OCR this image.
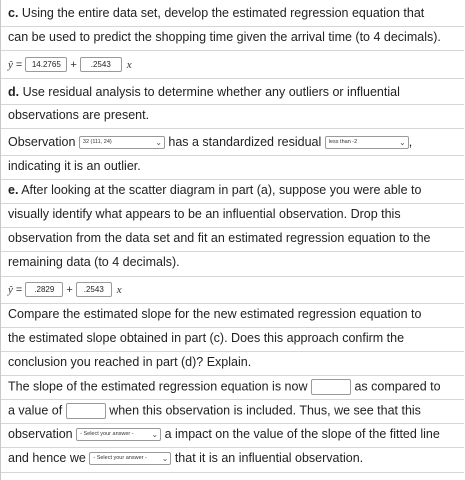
c. Using the entire data set, develop the estimated regression equation that
can be used to predict the shopping time given the arrival time (to 4 decimals).
ŷ = 14.2765 + .2543 x
d. Use residual analysis to determine whether any outliers or influential
observations are present.
Observation 32 (111, 24)	⌄ has a standardized residual less than -2	⌄ ,
indicating it is an outlier.
e. After looking at the scatter diagram in part (a), suppose you were able to
visually identify what appears to be an influential observation. Drop this
observation from the data set and fit an estimated regression equation to the
remaining data (to 4 decimals).
ŷ = .2829 + .2543 x
Compare the estimated slope for the new estimated regression equation to
the estimated slope obtained in part (c). Does this approach confirm the
conclusion you reached in part (d)? Explain.
The slope of the estimated regression equation is now	as compared to
a value of	when this observation is included. Thus, we see that this
observation - Select your answer - ⌄ a impact on the value of the slope of the fitted line
and hence we - Select your answer - ⌄ that it is an influential observation.
